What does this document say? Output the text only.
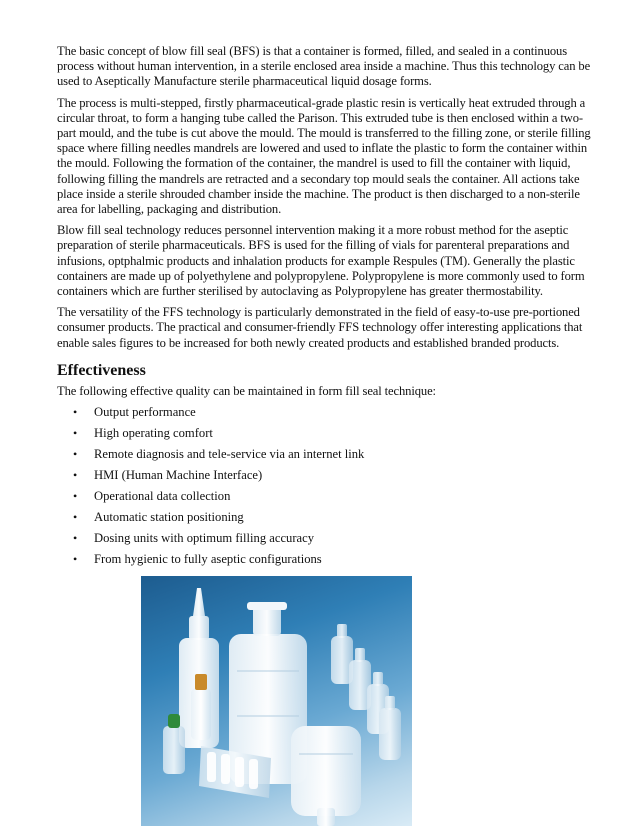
The basic concept of blow fill seal (BFS) is that a container is formed, filled, and sealed in a continuous process without human intervention, in a sterile enclosed area inside a machine. Thus this technology can be used to Aseptically Manufacture sterile pharmaceutical liquid dosage forms.

The process is multi-stepped, firstly pharmaceutical-grade plastic resin is vertically heat extruded through a circular throat, to form a hanging tube called the Parison. This extruded tube is then enclosed within a two-part mould, and the tube is cut above the mould. The mould is transferred to the filling zone, or sterile filling space where filling needles mandrels are lowered and used to inflate the plastic to form the container within the mould. Following the formation of the container, the mandrel is used to fill the container with liquid, following filling the mandrels are retracted and a secondary top mould seals the container. All actions take place inside a sterile shrouded chamber inside the machine. The product is then discharged to a non-sterile area for labelling, packaging and distribution.

Blow fill seal technology reduces personnel intervention making it a more robust method for the aseptic preparation of sterile pharmaceuticals. BFS is used for the filling of vials for parenteral preparations and infusions, optphalmic products and inhalation products for example Respules (TM). Generally the plastic containers are made up of polyethylene and polypropylene. Polypropylene is more commonly used to form containers which are further sterilised by autoclaving as Polypropylene has greater thermostability.

The versatility of the FFS technology is particularly demonstrated in the field of easy-to-use pre-portioned consumer products. The practical and consumer-friendly FFS technology offer interesting applications that enable sales figures to be increased for both newly created products and established branded products.

Effectiveness

The following effective quality can be maintained in form fill seal technique:

• Output performance
• High operating comfort
• Remote diagnosis and tele-service via an internet link
• HMI (Human Machine Interface)
• Operational data collection
• Automatic station positioning
• Dosing units with optimum filling accuracy
• From hygienic to fully aseptic configurations
